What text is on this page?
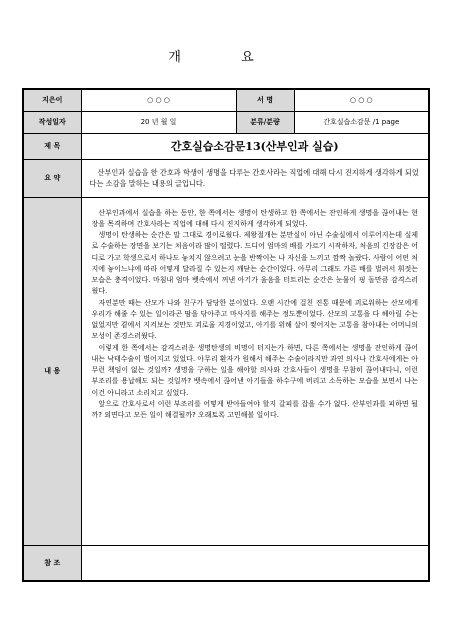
개 요
지은이	○ ○ ○	서 명	○ ○ ○
작성일자	20 년 월 일	분류/분량	간호실습소감문 /1 page
제 목	간호실습소감문13(산부인과 실습)		
요 약	산부인과 실습을 한 간호과 학생이 생명을 다루는 간호사라는 직업에 대해 다시 진지하게 생각하게 되었다는 소감을 말하는 내용의 글입니다.		
내 용	산부인과에서 실습을 하는 동안, 한 쪽에서는 생명이 탄생하고 한 쪽에서는 잔인하게 생명을 끊어내는 현장을 목격하며 간호사라는 직업에 대해 다시 진지하게 생각하게 되었다.

생명이 탄생하는 순간은 말 그대로 경이로웠다. 제왕절개는 분만실이 아닌 수술실에서 이루어지는데 실제로 수술하는 장면을 보기는 처음이라 많이 떨렸다. 드디어 엄마의 배를 가르기 시작하자, 처음의 긴장감은 어디로 가고 학생으로서 하나도 놓치지 않으려고 눈을 반짝이는 나 자신을 느끼고 깜짝 놀랐다. 사람이 어떤 처지에 놓이느냐에 따라 어떻게 달라질 수 있는지 깨닫는 순간이었다. 아무리 그래도 가른 배를 벌려서 휘젓는 모습은 충격이었다. 마침내 엄마 뱃속에서 꺼낸 아기가 울음을 터트리는 순간은 눈물이 핑 돌만큼 감격스러웠다.

자연분만 때는 산모가 나와 친구가 담당한 분이었다. 오랜 시간에 걸친 진통 때문에 괴로워하는 산모에게 우리가 해줄 수 있는 일이라곤 땀을 닦아주고 마사지를 해주는 정도뿐이었다. 산모의 고통을 다 헤아릴 수는 없었지만 곁에서 지켜보는 것만도 괴로울 지경이었고, 아기를 위해 살이 찢어지는 고통을 참아내는 어머니의 모성이 존경스러웠다.

이렇게 한 쪽에서는 감격스러운 생명탄생의 비명이 터지는가 하면, 다른 쪽에서는 생명을 잔인하게 끊어내는 낙태수술이 벌어지고 있었다. 아무리 환자가 원해서 해주는 수술이라지만 과연 의사나 간호사에게는 아무런 책임이 없는 것일까? 생명을 구하는 일을 해야할 의사와 간호사들이 생명을 무참히 끊어내다니, 이런 부조리를 용납해도 되는 것일까? 뱃속에서 끊어낸 아기들을 하수구에 버리고 소독하는 모습을 보면서 나는 이건 아니라고 소리치고 싶었다.

앞으로 간호사로서 이런 부조리를 어떻게 받아들여야 할지 갈피를 잡을 수가 없다. 산부인과를 피하면 될까? 외면다고 모든 일이 해결될까? 오래토록 고민해볼 일이다.		

참 조			
